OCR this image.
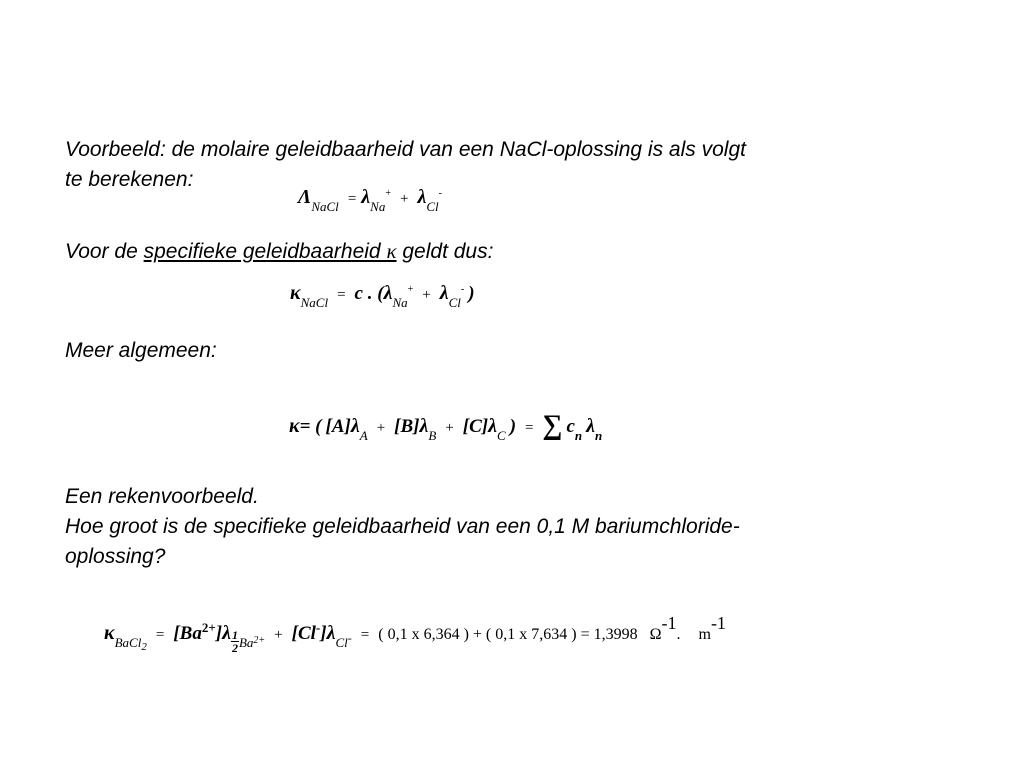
Voorbeeld: de molaire geleidbaarheid van een NaCl-oplossing is als volgt
te berekenen:

$\Lambda_{NaCl} = \lambda_{Na}^+ + \lambda_{Cl}^-$

Voor de specifieke geleidbaarheid κ geldt dus:

$\kappa_{NaCl} = c$ . ($\lambda_{Na}^+ + \lambda_{Cl}^-$ )

Meer algemeen:

κ= ( $[A]\lambda_A + [B]\lambda_B + [C]\lambda_C$ ) = ∑ $c_n$ $\lambda_n$

Een rekenvoorbeeld.
Hoe groot is de specifieke geleidbaarheid van een 0,1 M bariumchloride-
oplossing?

$\kappa_{BaCl2} = [Ba^{2+}]\lambda \frac{1}{2} _{Ba2+} + [Cl^-]\lambda_{Cl}-$ = ( 0,1 x 6,364 ) + ( 0,1 x 7,634 ) = 1,3998 Ω-1. m-1
